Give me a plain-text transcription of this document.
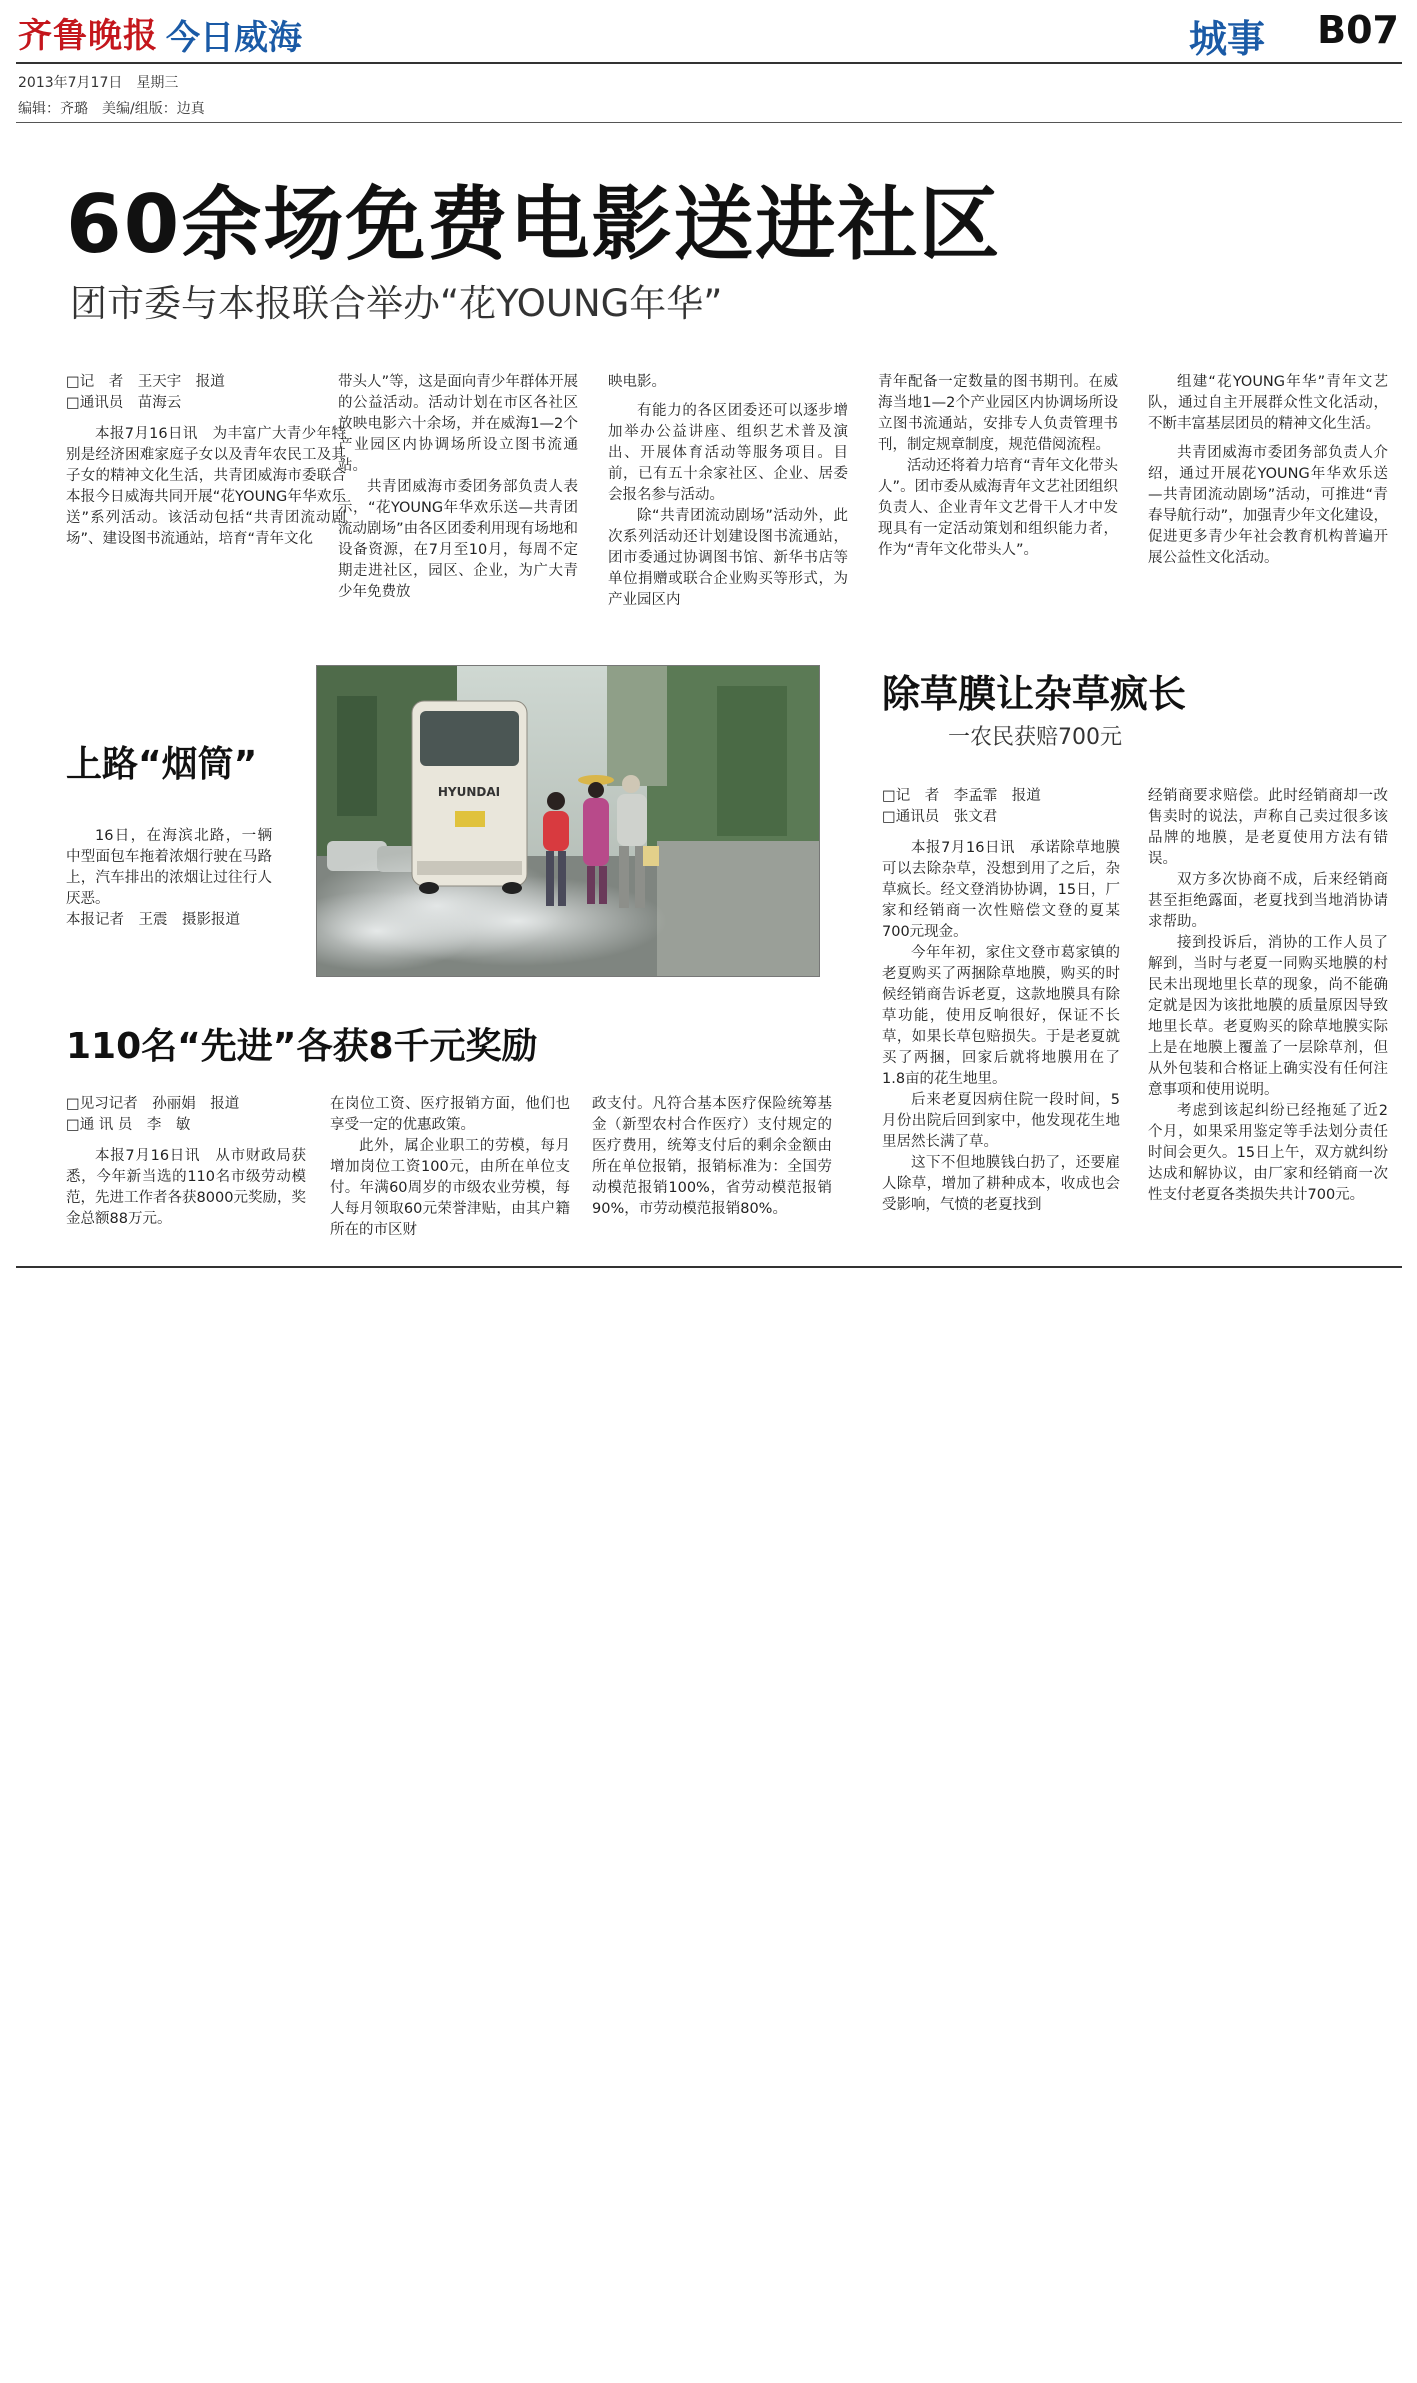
齐鲁晚报 今日威海	城事 B07
2013年7月17日　星期三
编辑：齐璐　美编/组版：边真
60余场免费电影送进社区
团市委与本报联合举办“花YOUNG年华”

□记　者　王天宇　报道

□通讯员　苗海云

本报7月16日讯　为丰富广大青少年特别是经济困难家庭子女以及青年农民工及其子女的精神文化生活，共青团威海市委联合本报今日威海共同开展“花YOUNG年华欢乐送”系列活动。该活动包括“共青团流动剧场”、建设图书流通站，培育“青年文化

带头人”等，这是面向青少年群体开展的公益活动。活动计划在市区各社区放映电影六十余场，并在威海1—2个产业园区内协调场所设立图书流通站。

共青团威海市委团务部负责人表示，“花YOUNG年华欢乐送—共青团流动剧场”由各区团委利用现有场地和设备资源，在7月至10月，每周不定期走进社区，园区、企业，为广大青少年免费放

映电影。

有能力的各区团委还可以逐步增加举办公益讲座、组织艺术普及演出、开展体育活动等服务项目。目前，已有五十余家社区、企业、居委会报名参与活动。

除“共青团流动剧场”活动外，此次系列活动还计划建设图书流通站，团市委通过协调图书馆、新华书店等单位捐赠或联合企业购买等形式，为产业园区内

青年配备一定数量的图书期刊。在威海当地1—2个产业园区内协调场所设立图书流通站，安排专人负责管理书刊，制定规章制度，规范借阅流程。

活动还将着力培育“青年文化带头人”。团市委从威海青年文艺社团组织负责人、企业青年文艺骨干人才中发现具有一定活动策划和组织能力者，作为“青年文化带头人”。

组建“花YOUNG年华”青年文艺队，通过自主开展群众性文化活动，不断丰富基层团员的精神文化生活。

共青团威海市委团务部负责人介绍，通过开展花YOUNG年华欢乐送—共青团流动剧场”活动，可推进“青春导航行动”，加强青少年文化建设，促进更多青少年社会教育机构普遍开展公益性文化活动。

上路“烟筒”

16日，在海滨北路，一辆中型面包车拖着浓烟行驶在马路上，汽车排出的浓烟让过往行人厌恶。

本报记者　王震　摄影报道

HYUNDAI
110名“先进”各获8千元奖励

□见习记者　孙丽娟　报道

□通 讯 员　李　敏

本报7月16日讯　从市财政局获悉，今年新当选的110名市级劳动模范，先进工作者各获8000元奖励，奖金总额88万元。

在岗位工资、医疗报销方面，他们也享受一定的优惠政策。

此外，属企业职工的劳模，每月增加岗位工资100元，由所在单位支付。年满60周岁的市级农业劳模，每人每月领取60元荣誉津贴，由其户籍所在的市区财

政支付。凡符合基本医疗保险统筹基金（新型农村合作医疗）支付规定的医疗费用，统筹支付后的剩余金额由所在单位报销，报销标准为：全国劳动模范报销100%，省劳动模范报销90%，市劳动模范报销80%。

除草膜让杂草疯长
一农民获赔700元

□记　者　李孟霏　报道

□通讯员　张文君

本报7月16日讯　承诺除草地膜可以去除杂草，没想到用了之后，杂草疯长。经文登消协协调，15日，厂家和经销商一次性赔偿文登的夏某700元现金。

今年年初，家住文登市葛家镇的老夏购买了两捆除草地膜，购买的时候经销商告诉老夏，这款地膜具有除草功能，使用反响很好，保证不长草，如果长草包赔损失。于是老夏就买了两捆，回家后就将地膜用在了1.8亩的花生地里。

后来老夏因病住院一段时间，5月份出院后回到家中，他发现花生地里居然长满了草。

这下不但地膜钱白扔了，还要雇人除草，增加了耕种成本，收成也会受影响，气愤的老夏找到

经销商要求赔偿。此时经销商却一改售卖时的说法，声称自己卖过很多该品牌的地膜，是老夏使用方法有错误。

双方多次协商不成，后来经销商甚至拒绝露面，老夏找到当地消协请求帮助。

接到投诉后，消协的工作人员了解到，当时与老夏一同购买地膜的村民未出现地里长草的现象，尚不能确定就是因为该批地膜的质量原因导致地里长草。老夏购买的除草地膜实际上是在地膜上覆盖了一层除草剂，但从外包装和合格证上确实没有任何注意事项和使用说明。

考虑到该起纠纷已经拖延了近2个月，如果采用鉴定等手法划分责任时间会更久。15日上午，双方就纠纷达成和解协议，由厂家和经销商一次性支付老夏各类损失共计700元。
